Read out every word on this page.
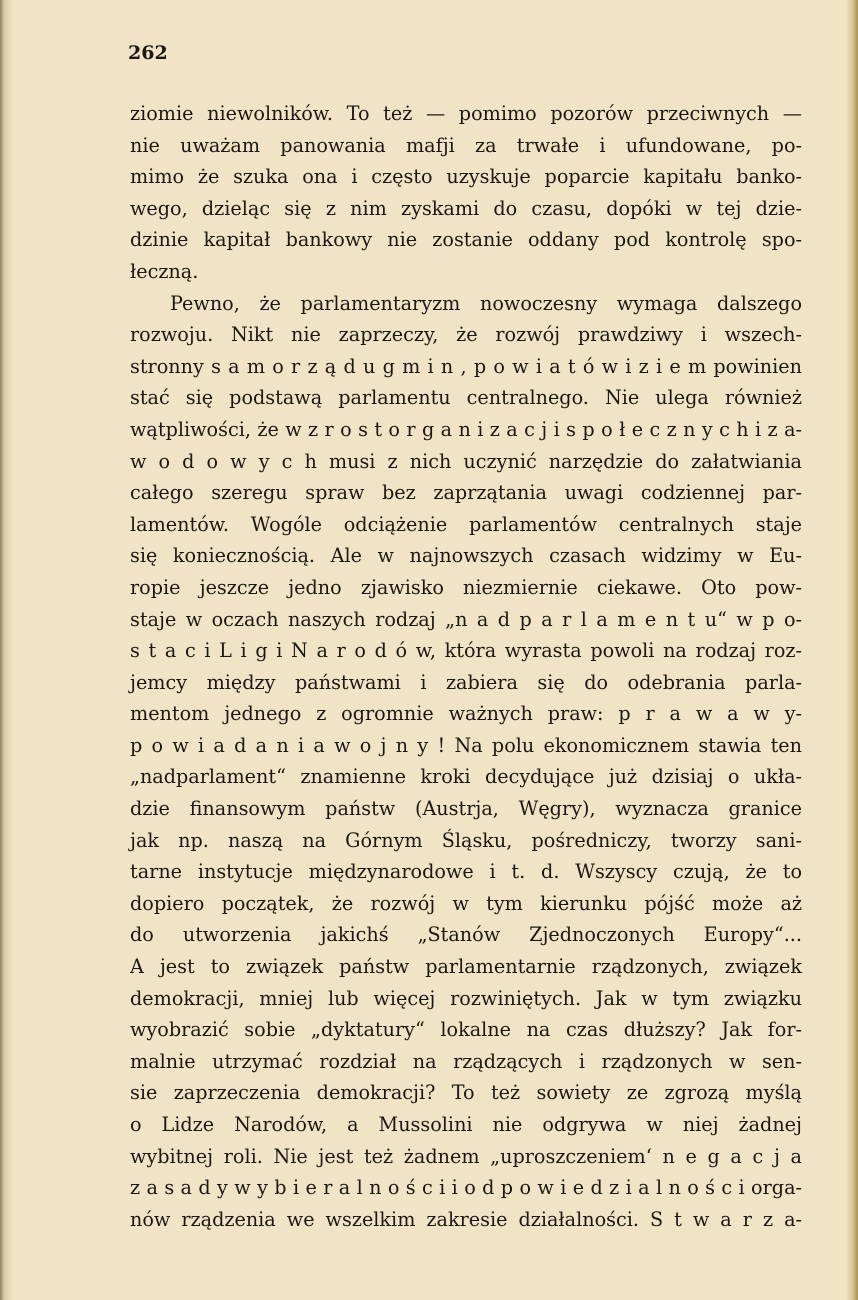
262
ziomie niewolników. To też — pomimo pozorów przeciwnych —
nie uważam panowania mafji za trwałe i ufundowane, po-
mimo że szuka ona i często uzyskuje poparcie kapitału banko-
wego, dzieląc się z nim zyskami do czasu, dopóki w tej dzie-
dzinie kapitał bankowy nie zostanie oddany pod kontrolę spo-
łeczną.
Pewno, że parlamentaryzm nowoczesny wymaga dalszego
rozwoju. Nikt nie zaprzeczy, że rozwój prawdziwy i wszech-
stronny s a m o r z ą d u g m i n , p o w i a t ó w i z i e m powinien
stać się podstawą parlamentu centralnego. Nie ulega również
wątpliwości, że w z r o s t o r g a n i z a c j i s p o ł e c z n y c h i z a-
w o d o w y c h musi z nich uczynić narzędzie do załatwiania
całego szeregu spraw bez zaprzątania uwagi codziennej par-
lamentów. Wogóle odciążenie parlamentów centralnych staje
się koniecznością. Ale w najnowszych czasach widzimy w Eu-
ropie jeszcze jedno zjawisko niezmiernie ciekawe. Oto pow-
staje w oczach naszych rodzaj „n a d p a r l a m e n t u“ w p o-
s t a c i L i g i N a r o d ó w, która wyrasta powoli na rodzaj roz-
jemcy między państwami i zabiera się do odebrania parla-
mentom jednego z ogromnie ważnych praw: p r a w a w y-
p o w i a d a n i a w o j n y ! Na polu ekonomicznem stawia ten
„nadparlament“ znamienne kroki decydujące już dzisiaj o ukła-
dzie finansowym państw (Austrja, Węgry), wyznacza granice
jak np. naszą na Górnym Śląsku, pośredniczy, tworzy sani-
tarne instytucje międzynarodowe i t. d. Wszyscy czują, że to
dopiero początek, że rozwój w tym kierunku pójść może aż
do utworzenia jakichś „Stanów Zjednoczonych Europy“...
A jest to związek państw parlamentarnie rządzonych, związek
demokracji, mniej lub więcej rozwiniętych. Jak w tym związku
wyobrazić sobie „dyktatury“ lokalne na czas dłuższy? Jak for-
malnie utrzymać rozdział na rządzących i rządzonych w sen-
sie zaprzeczenia demokracji? To też sowiety ze zgrozą myślą
o Lidze Narodów, a Mussolini nie odgrywa w niej żadnej
wybitnej roli. Nie jest też żadnem „uproszczeniem‘ n e g a c j a
z a s a d y w y b i e r a l n o ś c i i o d p o w i e d z i a l n o ś c i orga-
nów rządzenia we wszelkim zakresie działalności. S t w a r z a-
